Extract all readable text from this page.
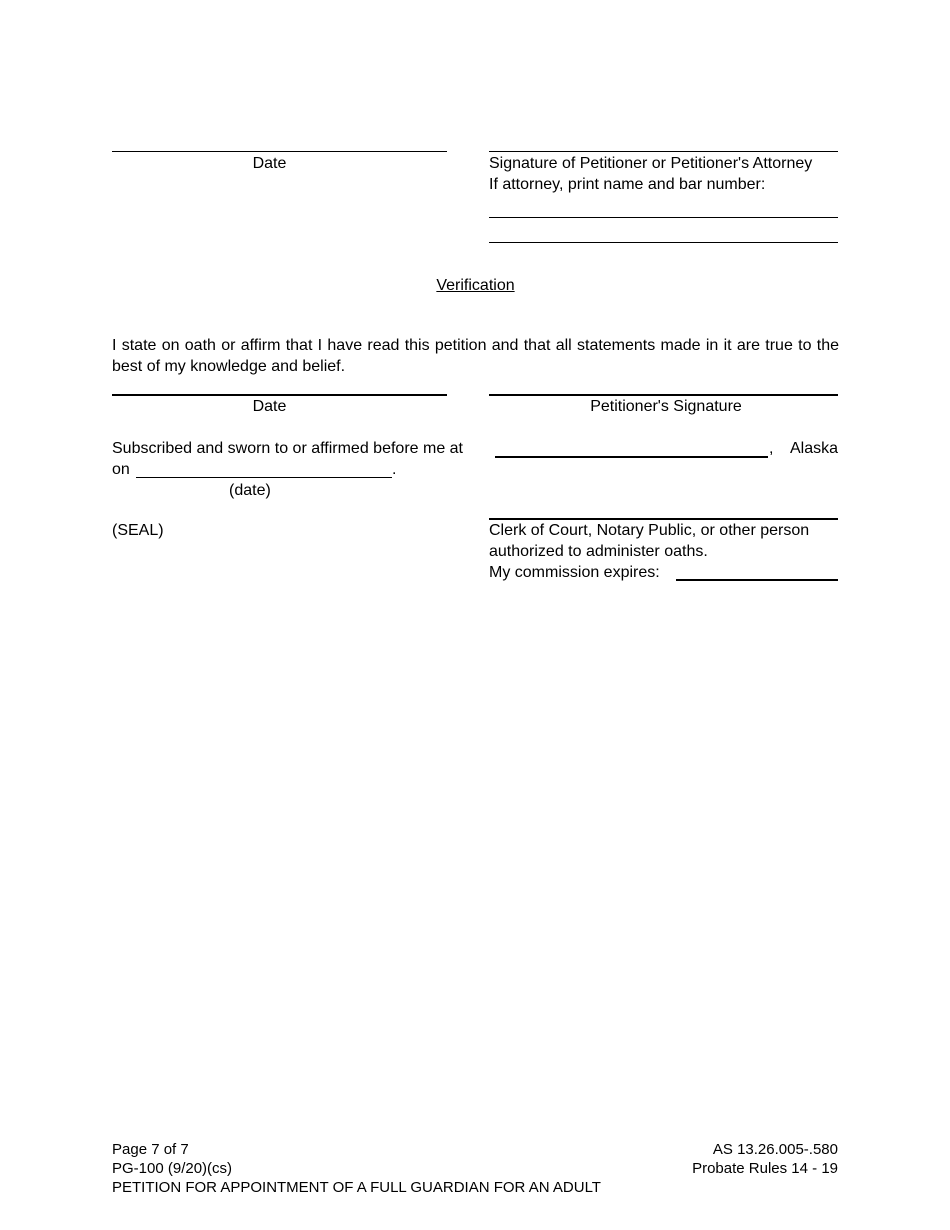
Date	Signature of Petitioner or Petitioner's Attorney
If attorney, print name and bar number:
Verification
I state on oath or affirm that I have read this petition and that all statements made in it are true to the best of my knowledge and belief.
Date	Petitioner's Signature
Subscribed and sworn to or affirmed before me at	, Alaska
on	.
(date)
(SEAL)	Clerk of Court, Notary Public, or other person
authorized to administer oaths.
My commission expires:
Page 7 of 7
PG-100 (9/20)(cs)
PETITION FOR APPOINTMENT OF A FULL GUARDIAN FOR AN ADULT
AS 13.26.005-.580
Probate Rules 14 - 19
